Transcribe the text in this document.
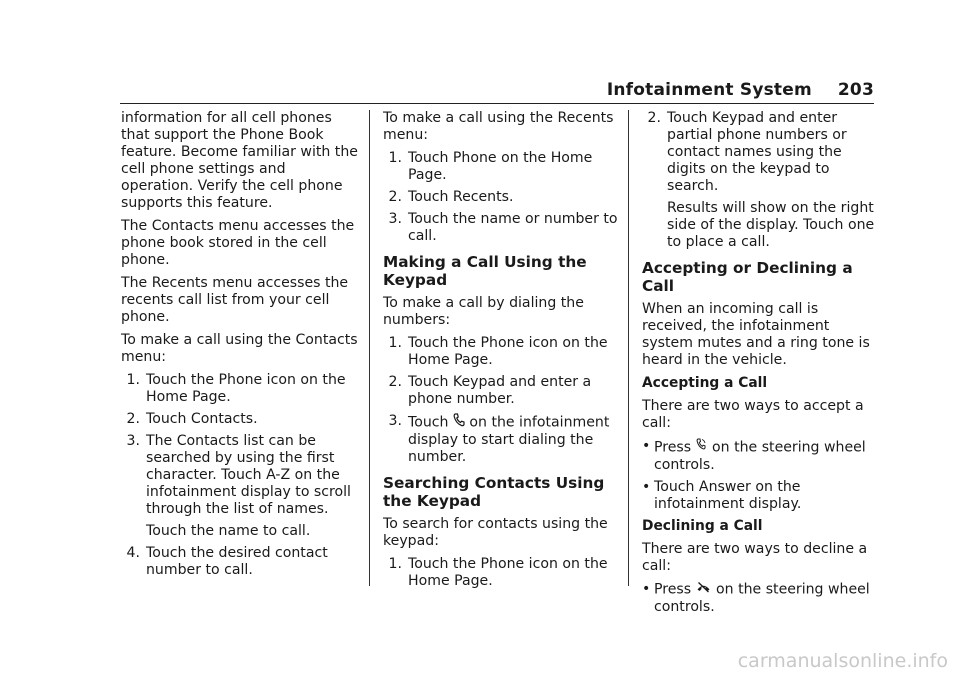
Infotainment System 203

information for all cell phones that support the Phone Book feature. Become familiar with the cell phone settings and operation. Verify the cell phone supports this feature.

The Contacts menu accesses the phone book stored in the cell phone.

The Recents menu accesses the recents call list from your cell phone.

To make a call using the Contacts menu:

1. Touch the Phone icon on the Home Page.
2. Touch Contacts.
3. The Contacts list can be searched by using the first character. Touch A-Z on the infotainment display to scroll through the list of names.

Touch the name to call.

4. Touch the desired contact number to call.

To make a call using the Recents menu:

1. Touch Phone on the Home Page.
2. Touch Recents.
3. Touch the name or number to call.
Making a Call Using the Keypad

To make a call by dialing the numbers:

1. Touch the Phone icon on the Home Page.
2. Touch Keypad and enter a phone number.
3. Touch  on the infotainment display to start dialing the number.
Searching Contacts Using the Keypad

To search for contacts using the keypad:

1. Touch the Phone icon on the Home Page.
2. Touch Keypad and enter partial phone numbers or contact names using the digits on the keypad to search.

Results will show on the right side of the display. Touch one to place a call.

Accepting or Declining a Call

When an incoming call is received, the infotainment system mutes and a ring tone is heard in the vehicle.

Accepting a Call

There are two ways to accept a call:

• Press  on the steering wheel controls.
• Touch Answer on the infotainment display.
Declining a Call

There are two ways to decline a call:

• Press  on the steering wheel controls.
carmanualsonline.info
